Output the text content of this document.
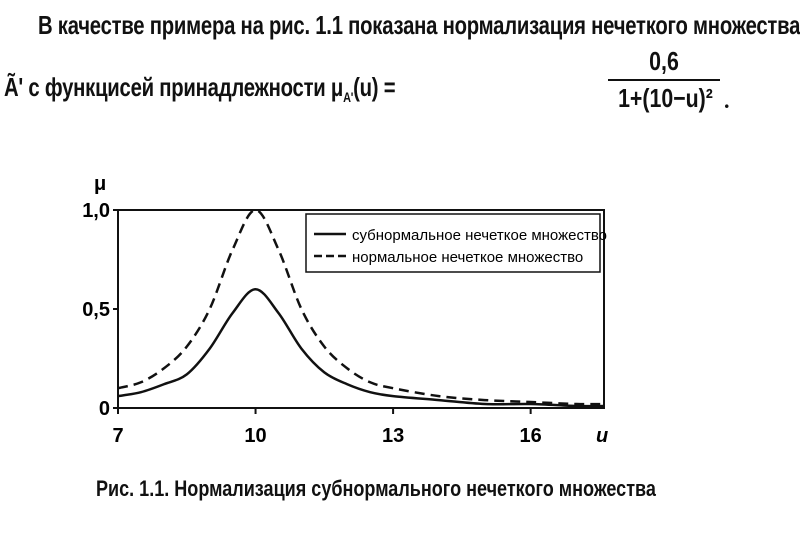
В качестве примера на рис. 1.1 показана нормализация нечеткого множества
Ã' с функцисей принадлежности $\mu_{A'}(u)$ =
0,6
1+(10−u)² .
0
0,5
1,0
μ
7	10	13	16	u
субнормальное нечеткое множество
нормальное нечеткое множество
Рис. 1.1. Нормализация субнормального нечеткого множества
